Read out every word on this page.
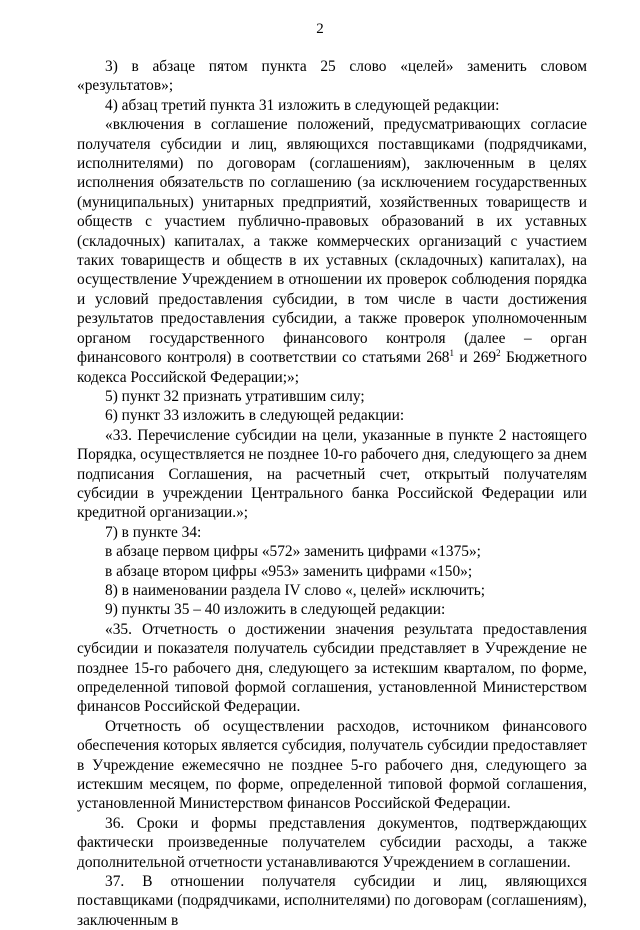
2

3) в абзаце пятом пункта 25 слово «целей» заменить словом «результатов»;

4) абзац третий пункта 31 изложить в следующей редакции:

«включения в соглашение положений, предусматривающих согласие получателя субсидии и лиц, являющихся поставщиками (подрядчиками, исполнителями) по договорам (соглашениям), заключенным в целях исполнения обязательств по соглашению (за исключением государственных (муниципальных) унитарных предприятий, хозяйственных товариществ и обществ с участием публично-правовых образований в их уставных (складочных) капиталах, а также коммерческих организаций с участием таких товариществ и обществ в их уставных (складочных) капиталах), на осуществление Учреждением в отношении их проверок соблюдения порядка и условий предоставления субсидии, в том числе в части достижения результатов предоставления субсидии, а также проверок уполномоченным органом государственного финансового контроля (далее – орган финансового контроля) в соответствии со статьями $268^1$ и $269^2$ Бюджетного кодекса Российской Федерации;»;

5) пункт 32 признать утратившим силу;

6) пункт 33 изложить в следующей редакции:

«33. Перечисление субсидии на цели, указанные в пункте 2 настоящего Порядка, осуществляется не позднее 10-го рабочего дня, следующего за днем подписания Соглашения, на расчетный счет, открытый получателям субсидии в учреждении Центрального банка Российской Федерации или кредитной организации.»;

7) в пункте 34:

в абзаце первом цифры «572» заменить цифрами «1375»;

в абзаце втором цифры «953» заменить цифрами «150»;

8) в наименовании раздела IV слово «, целей» исключить;

9) пункты 35 – 40 изложить в следующей редакции:

«35. Отчетность о достижении значения результата предоставления субсидии и показателя получатель субсидии представляет в Учреждение не позднее 15-го рабочего дня, следующего за истекшим кварталом, по форме, определенной типовой формой соглашения, установленной Министерством финансов Российской Федерации.

Отчетность об осуществлении расходов, источником финансового обеспечения которых является субсидия, получатель субсидии предоставляет в Учреждение ежемесячно не позднее 5-го рабочего дня, следующего за истекшим месяцем, по форме, определенной типовой формой соглашения, установленной Министерством финансов Российской Федерации.

36. Сроки и формы представления документов, подтверждающих фактически произведенные получателем субсидии расходы, а также дополнительной отчетности устанавливаются Учреждением в соглашении.

37. В отношении получателя субсидии и лиц, являющихся поставщиками (подрядчиками, исполнителями) по договорам (соглашениям), заключенным в
